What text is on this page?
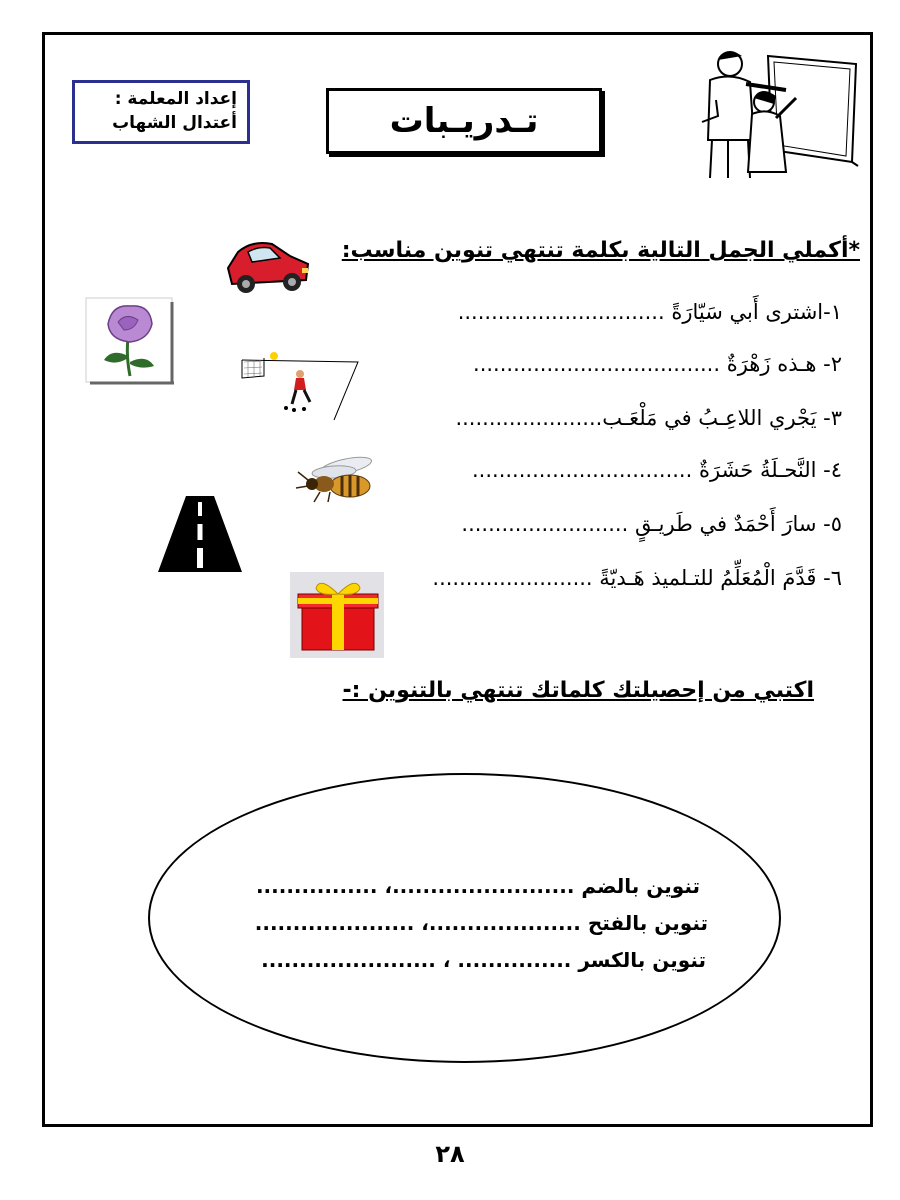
إعداد المعلمة :
أعتدال الشهاب	تـدريـبات
*أكملي الجمل التالية بكلمة تنتهي تنوين مناسب:
١-اشترى أَبي سَيّارَةً ...............................
٢- هـذه زَهْرَةٌ .....................................
٣- يَجْري اللاعِـبُ في مَلْعَـب......................
٤- النَّحـلَةُ حَشَرَةٌ .................................
٥- سارَ أَحْمَدٌ في طَريـقٍ .........................
٦- قَدَّمَ الْمُعَلِّمُ للتـلميذ هَـديّةً ........................
اكتبي من إحصيلتك كلماتك تنتهي بالتنوين :-
تنوين بالضم ........................، ................
تنوين بالفتح ....................، .....................
تنوين بالكسر ............... ، .......................
٢٨
